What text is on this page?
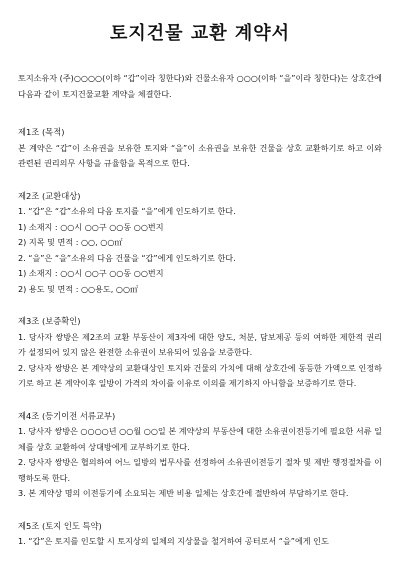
토지건물 교환 계약서
토지소유자 (주)○○○○(이하 “갑”이라 칭한다)와 건물소유자 ○○○(이하 “을”이라 칭한다)는 상호간에 다음과 같이 토지건물교환 계약을 체결한다.
제1조 (목적)
본 계약은 “갑”이 소유권을 보유한 토지와 “을”이 소유권을 보유한 건물을 상호 교환하기로 하고 이와 관련된 권리의무 사항을 규율함을 목적으로 한다.
제2조 (교환대상)
1. “갑”은 “갑”소유의 다음 토지를 “을”에게 인도하기로 한다.
1) 소재지 : ○○시 ○○구 ○○동 ○○번지
2) 지목 및 면적 : ○○, ○○㎡
2. “을”은 “을”소유의 다음 건물을 “갑”에게 인도하기로 한다.
1) 소재지 : ○○시 ○○구 ○○동 ○○번지
2) 용도 및 면적 : ○○용도, ○○㎡
제3조 (보증확인)
1. 당사자 쌍방은 제2조의 교환 부동산이 제3자에 대한 양도, 처분, 담보제공 등의 여하한 제한적 권리가 설정되어 있지 않은 완전한 소유권이 보유되어 있음을 보증한다.
2. 당사자 쌍방은 본 계약상의 교환대상인 토지와 건물의 가치에 대해 상호간에 동등한 가액으로 인정하기로 하고 본 계약이후 일방이 가격의 차이를 이유로 이의를 제기하지 아니함을 보증하기로 한다.
제4조 (등기이전 서류교부)
1. 당사자 쌍방은 ○○○○년 ○○월 ○○일 본 계약상의 부동산에 대한 소유권이전등기에 필요한 서류 일체를 상호 교환하여 상대방에게 교부하기로 한다.
2. 당사자 쌍방은 협의하여 어느 일방의 법무사를 선정하여 소유권이전등기 절차 및 제반 행정절차를 이행하도록 한다.
3. 본 계약상 명의 이전등기에 소요되는 제반 비용 일체는 상호간에 절반하여 부담하기로 한다.
제5조 (토지 인도 특약)
1. “갑”은 토지를 인도할 시 토지상의 일체의 지상물을 철거하여 공터로서 “을”에게 인도
